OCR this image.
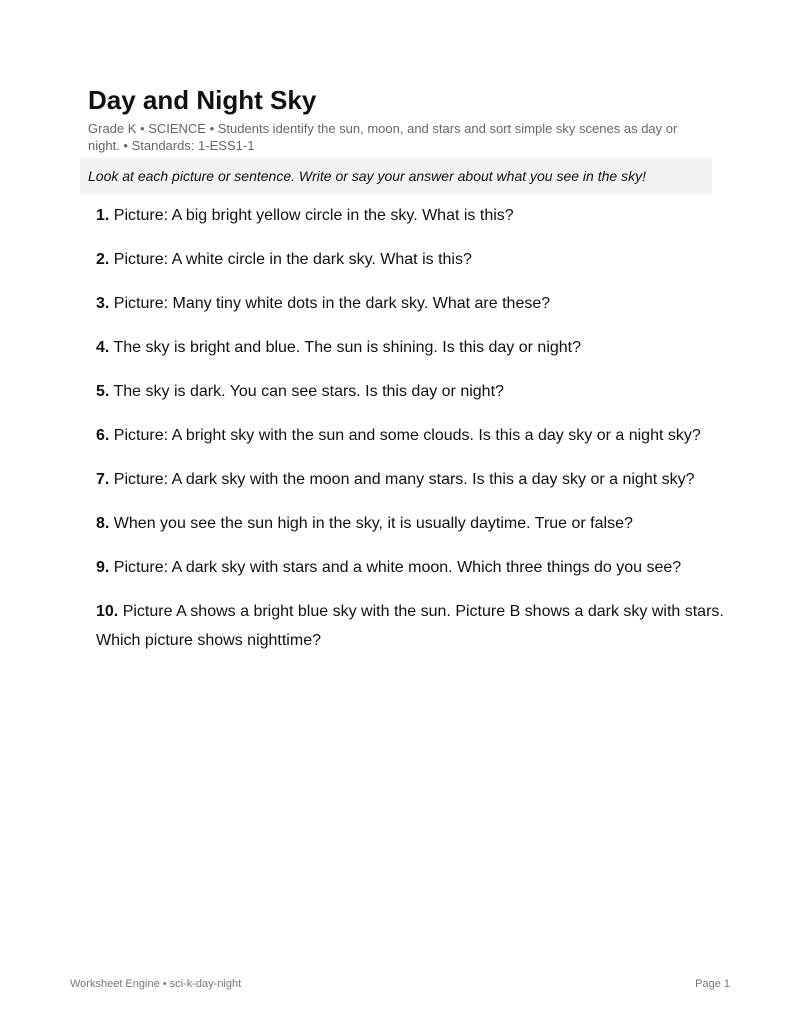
Day and Night Sky
Grade K • SCIENCE • Students identify the sun, moon, and stars and sort simple sky scenes as day or night. • Standards: 1-ESS1-1
Look at each picture or sentence. Write or say your answer about what you see in the sky!
1. Picture: A big bright yellow circle in the sky. What is this?
2. Picture: A white circle in the dark sky. What is this?
3. Picture: Many tiny white dots in the dark sky. What are these?
4. The sky is bright and blue. The sun is shining. Is this day or night?
5. The sky is dark. You can see stars. Is this day or night?
6. Picture: A bright sky with the sun and some clouds. Is this a day sky or a night sky?
7. Picture: A dark sky with the moon and many stars. Is this a day sky or a night sky?
8. When you see the sun high in the sky, it is usually daytime. True or false?
9. Picture: A dark sky with stars and a white moon. Which three things do you see?
10. Picture A shows a bright blue sky with the sun. Picture B shows a dark sky with stars. Which picture shows nighttime?
Worksheet Engine • sci-k-day-night	Page 1
